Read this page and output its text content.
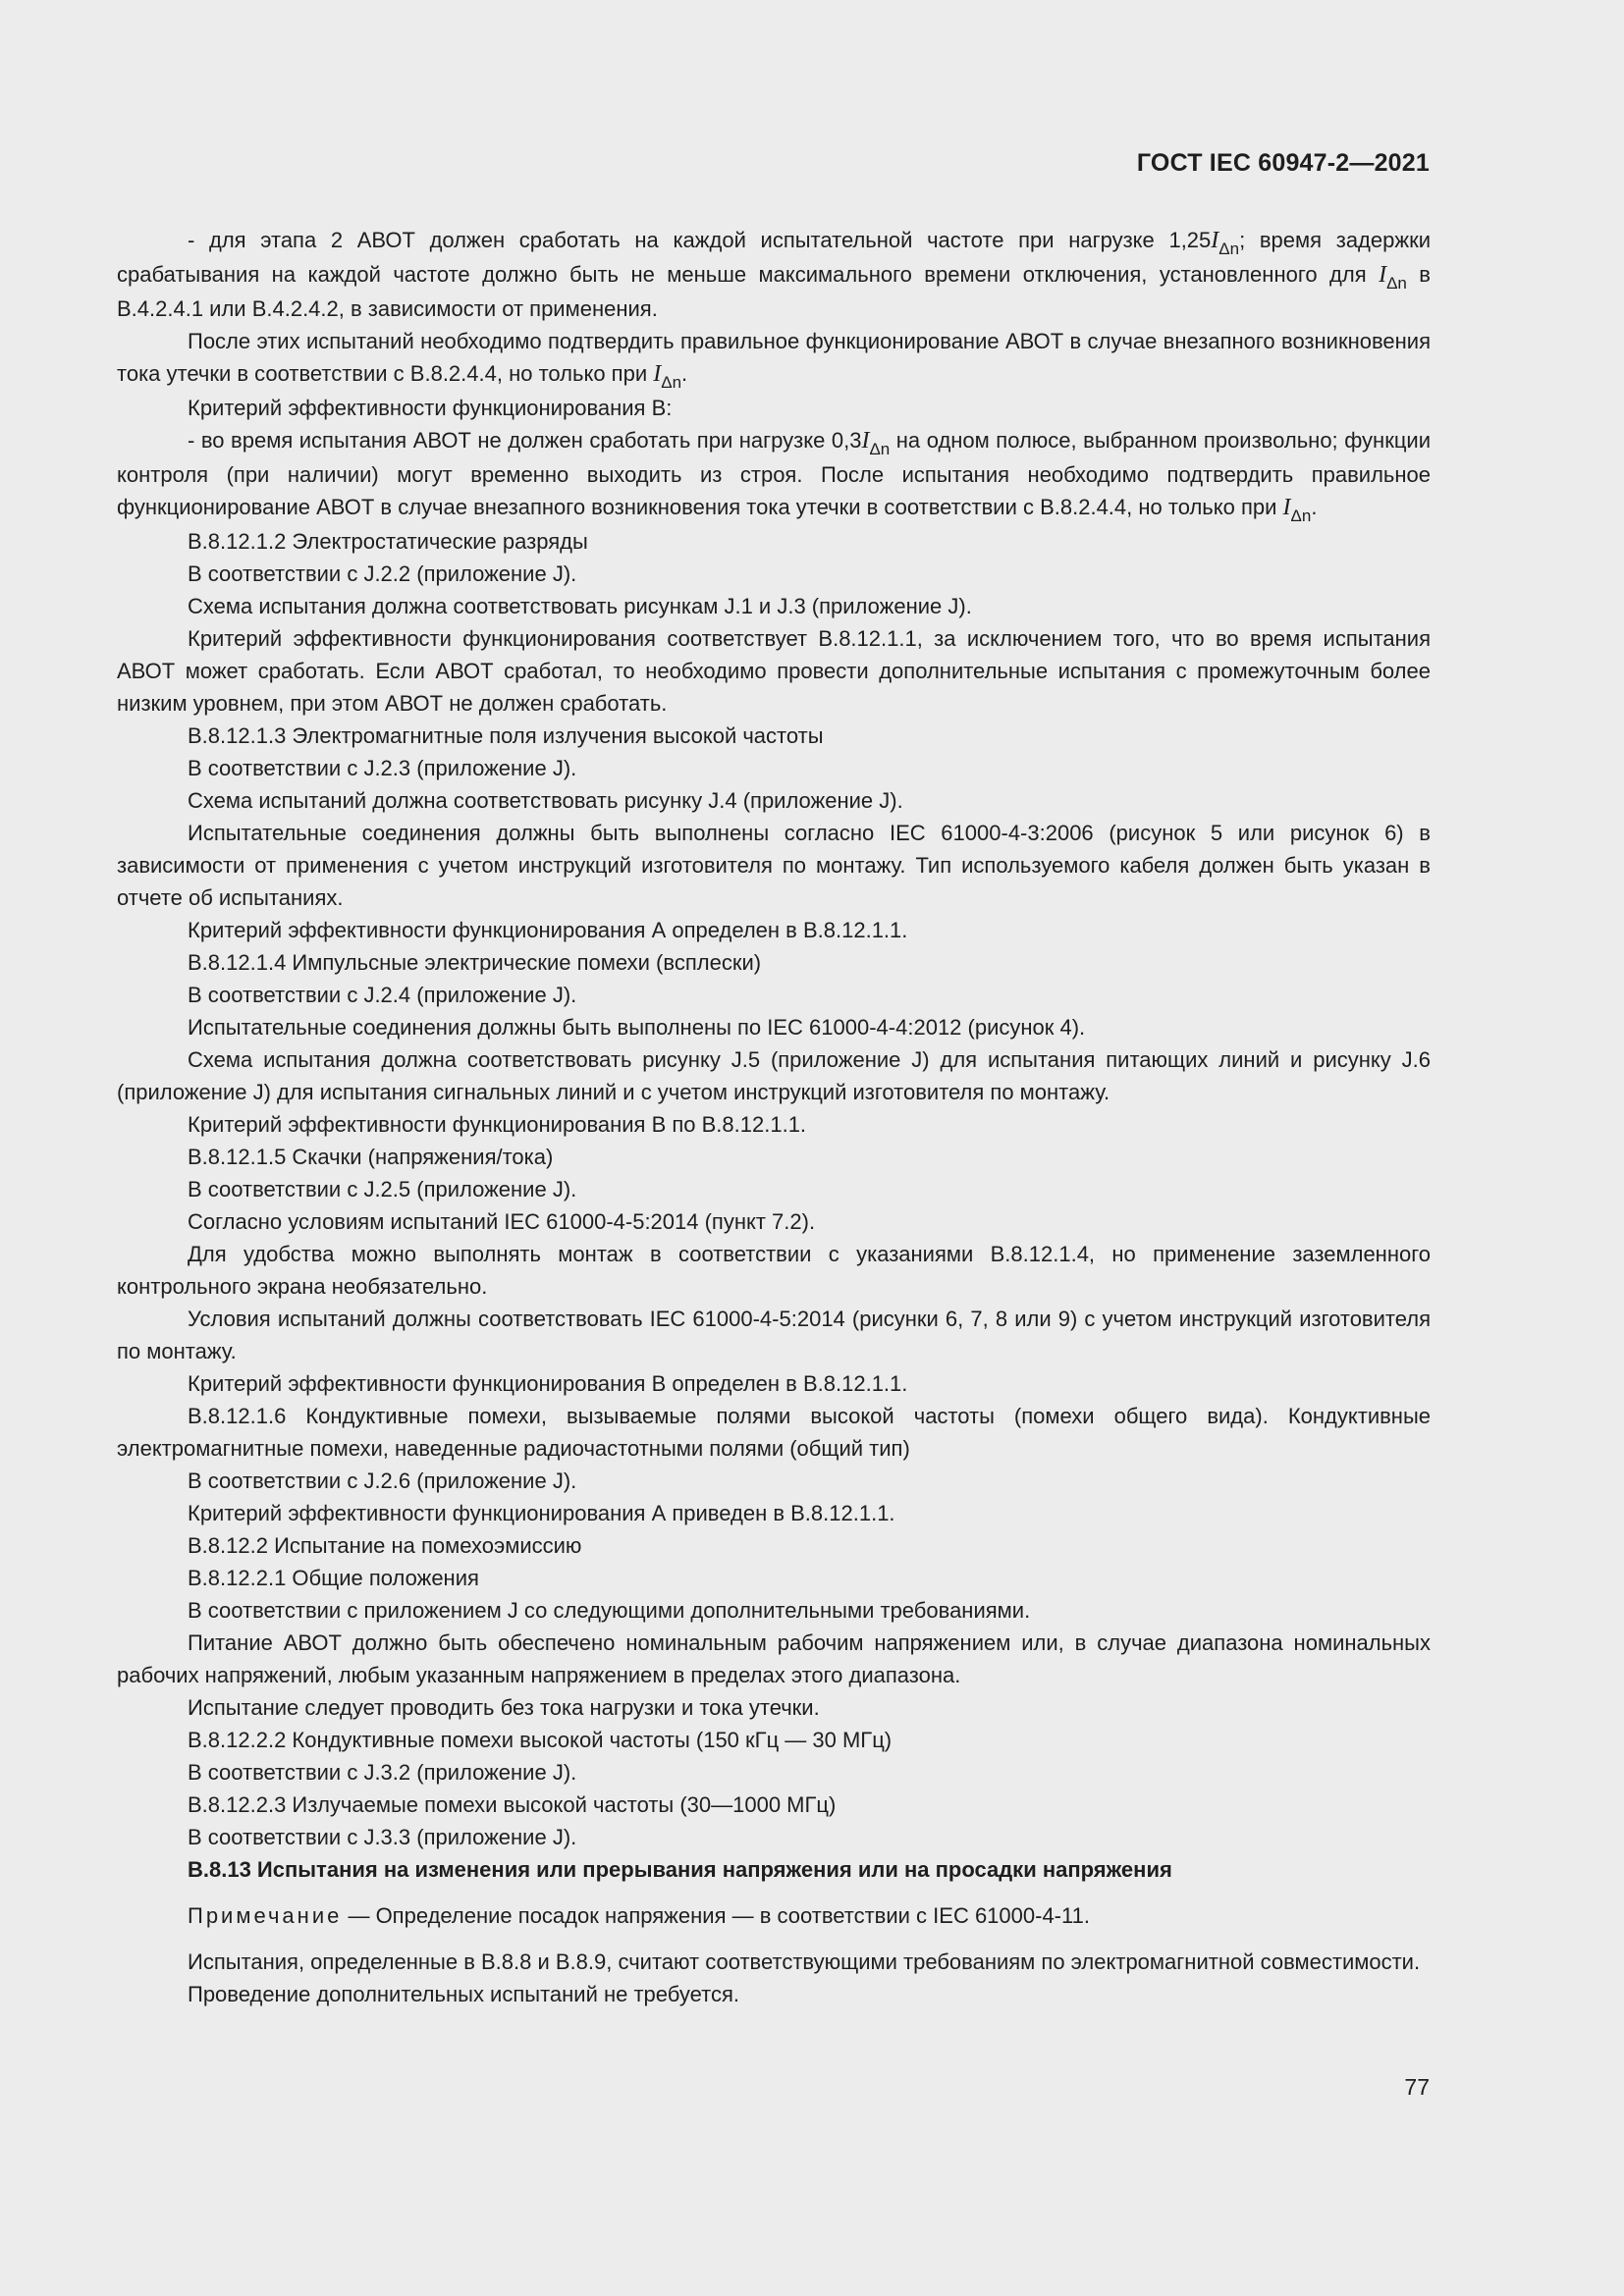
ГОСТ IEC 60947-2—2021

- для этапа 2 АВОТ должен сработать на каждой испытательной частоте при нагрузке $1,25I_{\Delta n}$; время задержки срабатывания на каждой частоте должно быть не меньше максимального времени отключения, установленного для $I_{\Delta n}$ в B.4.2.4.1 или B.4.2.4.2, в зависимости от применения.

После этих испытаний необходимо подтвердить правильное функционирование АВОТ в случае внезапного возникновения тока утечки в соответствии с B.8.2.4.4, но только при $I_{\Delta n}$.

Критерий эффективности функционирования В:

- во время испытания АВОТ не должен сработать при нагрузке $0,3I_{\Delta n}$ на одном полюсе, выбранном произвольно; функции контроля (при наличии) могут временно выходить из строя. После испытания необходимо подтвердить правильное функционирование АВОТ в случае внезапного возникновения тока утечки в соответствии с B.8.2.4.4, но только при $I_{\Delta n}$.

B.8.12.1.2 Электростатические разряды

В соответствии с J.2.2 (приложение J).

Схема испытания должна соответствовать рисункам J.1 и J.3 (приложение J).

Критерий эффективности функционирования соответствует B.8.12.1.1, за исключением того, что во время испытания АВОТ может сработать. Если АВОТ сработал, то необходимо провести дополнительные испытания с промежуточным более низким уровнем, при этом АВОТ не должен сработать.

B.8.12.1.3 Электромагнитные поля излучения высокой частоты

В соответствии с J.2.3 (приложение J).

Схема испытаний должна соответствовать рисунку J.4 (приложение J).

Испытательные соединения должны быть выполнены согласно IEC 61000-4-3:2006 (рисунок 5 или рисунок 6) в зависимости от применения с учетом инструкций изготовителя по монтажу. Тип используемого кабеля должен быть указан в отчете об испытаниях.

Критерий эффективности функционирования А определен в B.8.12.1.1.

B.8.12.1.4 Импульсные электрические помехи (всплески)

В соответствии с J.2.4 (приложение J).

Испытательные соединения должны быть выполнены по IEC 61000-4-4:2012 (рисунок 4).

Схема испытания должна соответствовать рисунку J.5 (приложение J) для испытания питающих линий и рисунку J.6 (приложение J) для испытания сигнальных линий и с учетом инструкций изготовителя по монтажу.

Критерий эффективности функционирования В по B.8.12.1.1.

B.8.12.1.5 Скачки (напряжения/тока)

В соответствии с J.2.5 (приложение J).

Согласно условиям испытаний IEC 61000-4-5:2014 (пункт 7.2).

Для удобства можно выполнять монтаж в соответствии с указаниями B.8.12.1.4, но применение заземленного контрольного экрана необязательно.

Условия испытаний должны соответствовать IEC 61000-4-5:2014 (рисунки 6, 7, 8 или 9) с учетом инструкций изготовителя по монтажу.

Критерий эффективности функционирования В определен в B.8.12.1.1.

B.8.12.1.6 Кондуктивные помехи, вызываемые полями высокой частоты (помехи общего вида). Кондуктивные электромагнитные помехи, наведенные радиочастотными полями (общий тип)

В соответствии с J.2.6 (приложение J).

Критерий эффективности функционирования А приведен в B.8.12.1.1.

B.8.12.2 Испытание на помехоэмиссию

B.8.12.2.1 Общие положения

В соответствии с приложением J со следующими дополнительными требованиями.

Питание АВОТ должно быть обеспечено номинальным рабочим напряжением или, в случае диапазона номинальных рабочих напряжений, любым указанным напряжением в пределах этого диапазона.

Испытание следует проводить без тока нагрузки и тока утечки.

B.8.12.2.2 Кондуктивные помехи высокой частоты (150 кГц — 30 МГц)

В соответствии с J.3.2 (приложение J).

B.8.12.2.3 Излучаемые помехи высокой частоты (30—1000 МГц)

В соответствии с J.3.3 (приложение J).

B.8.13 Испытания на изменения или прерывания напряжения или на просадки напряжения

Примечание — Определение посадок напряжения — в соответствии с IEC 61000-4-11.

Испытания, определенные в B.8.8 и B.8.9, считают соответствующими требованиям по электромагнитной совместимости.

Проведение дополнительных испытаний не требуется.

77
